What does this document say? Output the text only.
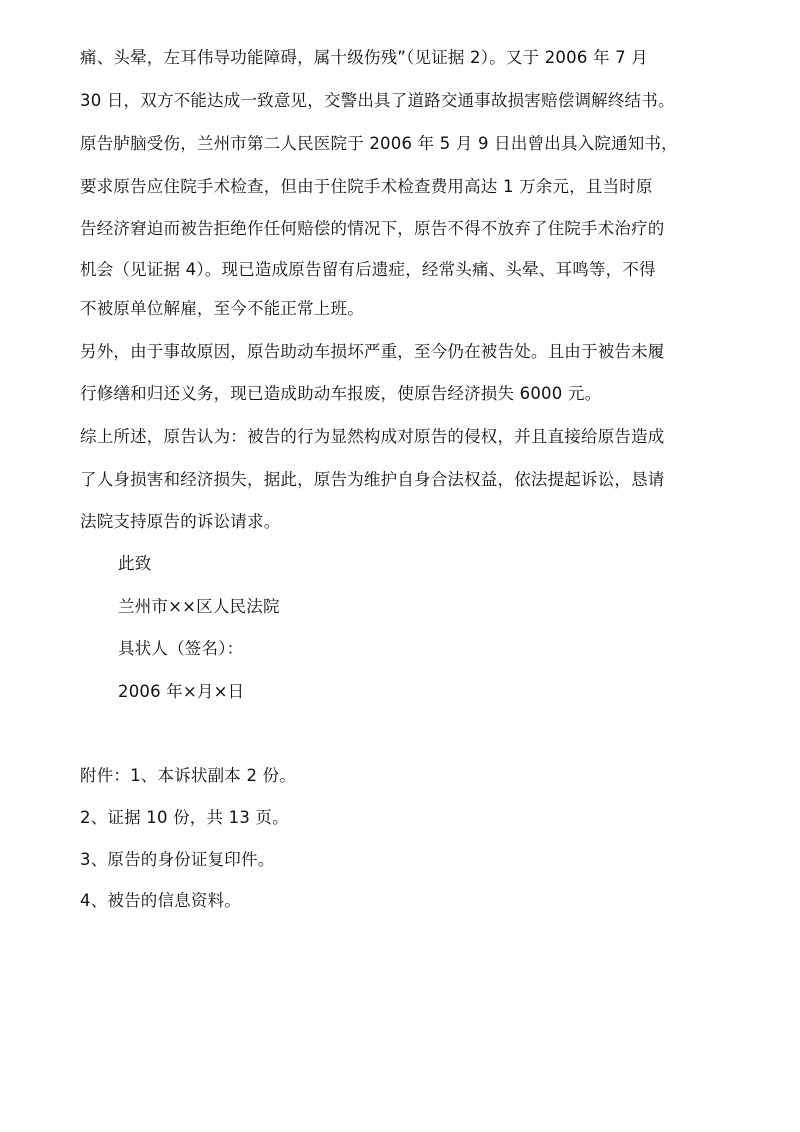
痛、头晕，左耳伟导功能障碍，属十级伤残”（见证据 2）。又于 2006 年 7 月
30 日，双方不能达成一致意见，交警出具了道路交通事故损害赔偿调解终结书。
原告胪脑受伤，兰州市第二人民医院于 2006 年 5 月 9 日出曾出具入院通知书，
要求原告应住院手术检查，但由于住院手术检查费用高达 1 万余元，且当时原
告经济窘迫而被告拒绝作任何赔偿的情况下，原告不得不放弃了住院手术治疗的
机会（见证据 4）。现已造成原告留有后遗症，经常头痛、头晕、耳鸣等，不得
不被原单位解雇，至今不能正常上班。
另外，由于事故原因，原告助动车损坏严重，至今仍在被告处。且由于被告未履
行修缮和归还义务，现已造成助动车报废，使原告经济损失 6000 元。
综上所述，原告认为：被告的行为显然构成对原告的侵权，并且直接给原告造成
了人身损害和经济损失，据此，原告为维护自身合法权益，依法提起诉讼，恳请
法院支持原告的诉讼请求。
此致
兰州市××区人民法院
具状人（签名）：
2006 年×月×日
附件：1、本诉状副本 2 份。
2、证据 10 份，共 13 页。
3、原告的身份证复印件。
4、被告的信息资料。
